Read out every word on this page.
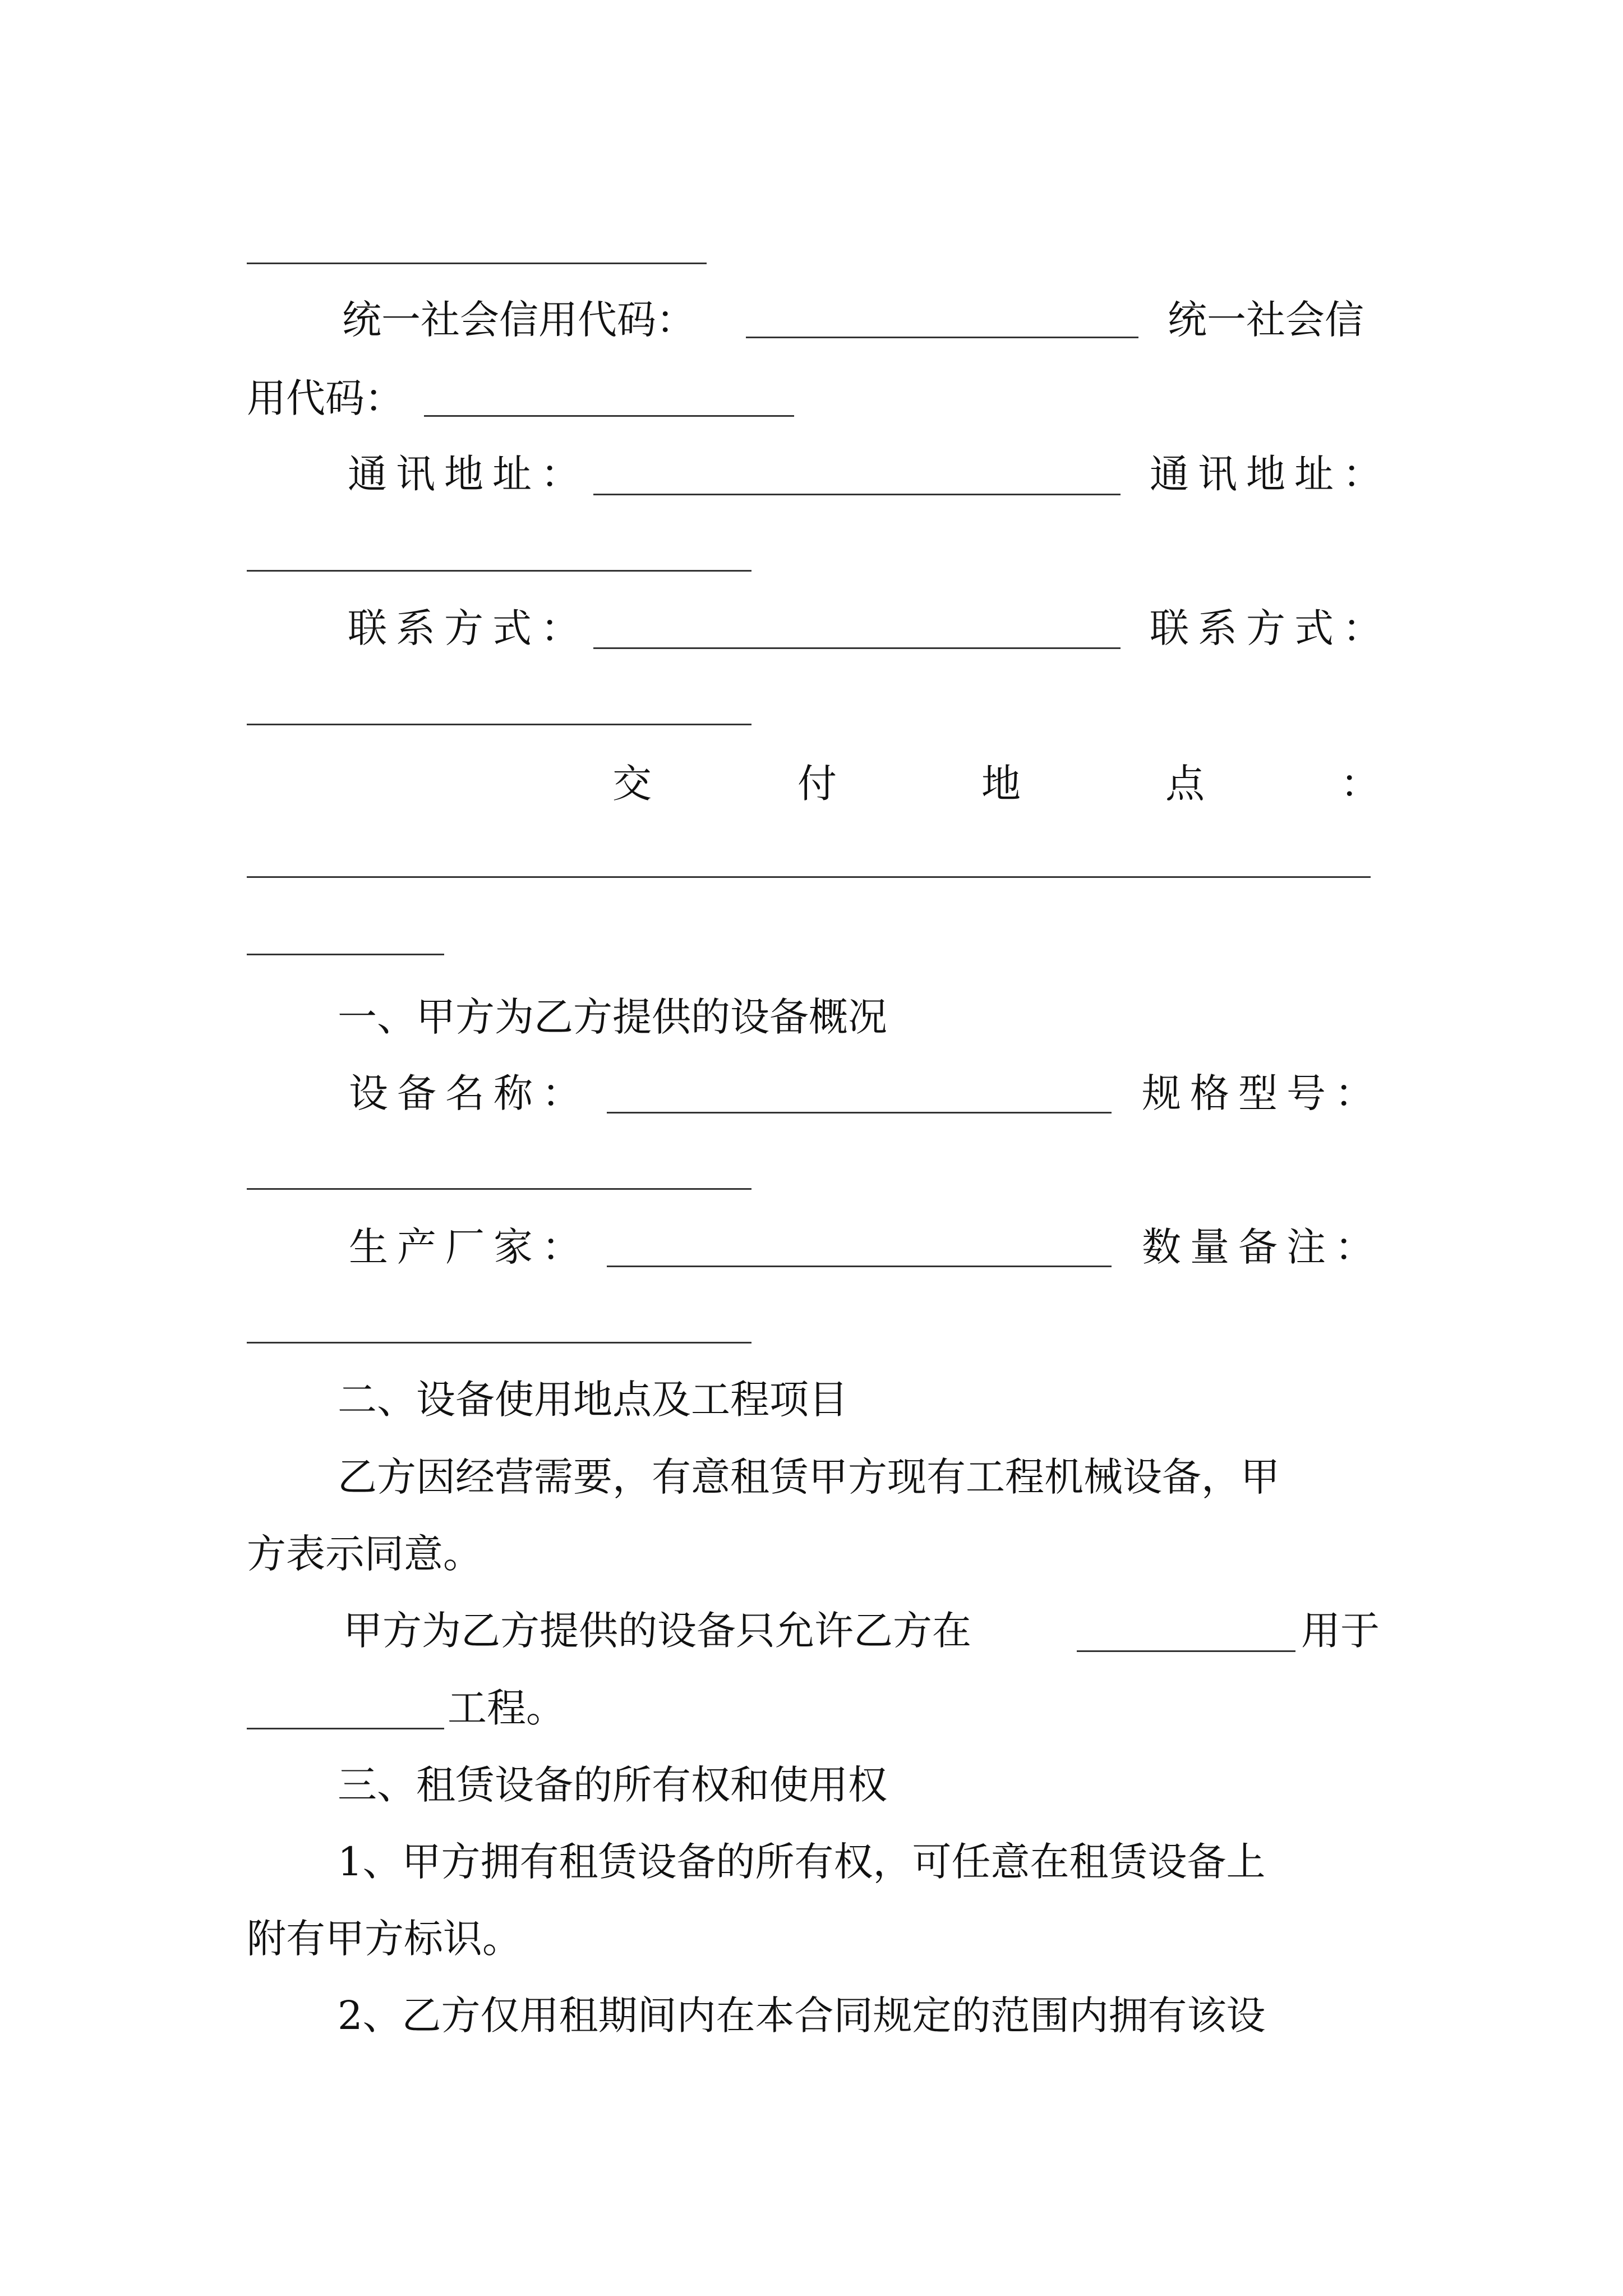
统一社会信用代码：	统一社会信
用代码：
通讯地址：	通讯地址：
联系方式：	联系方式：
交	付	地	点	：
一、甲方为乙方提供的设备概况
设备名称：	规格型号：
生产厂家：	数量备注：
二、设备使用地点及工程项目
乙方因经营需要，有意租赁甲方现有工程机械设备，甲
方表示同意。
甲方为乙方提供的设备只允许乙方在	用于
工程。
三、租赁设备的所有权和使用权
1、甲方拥有租赁设备的所有权，可任意在租赁设备上
附有甲方标识。
2、乙方仅用租期间内在本合同规定的范围内拥有该设
